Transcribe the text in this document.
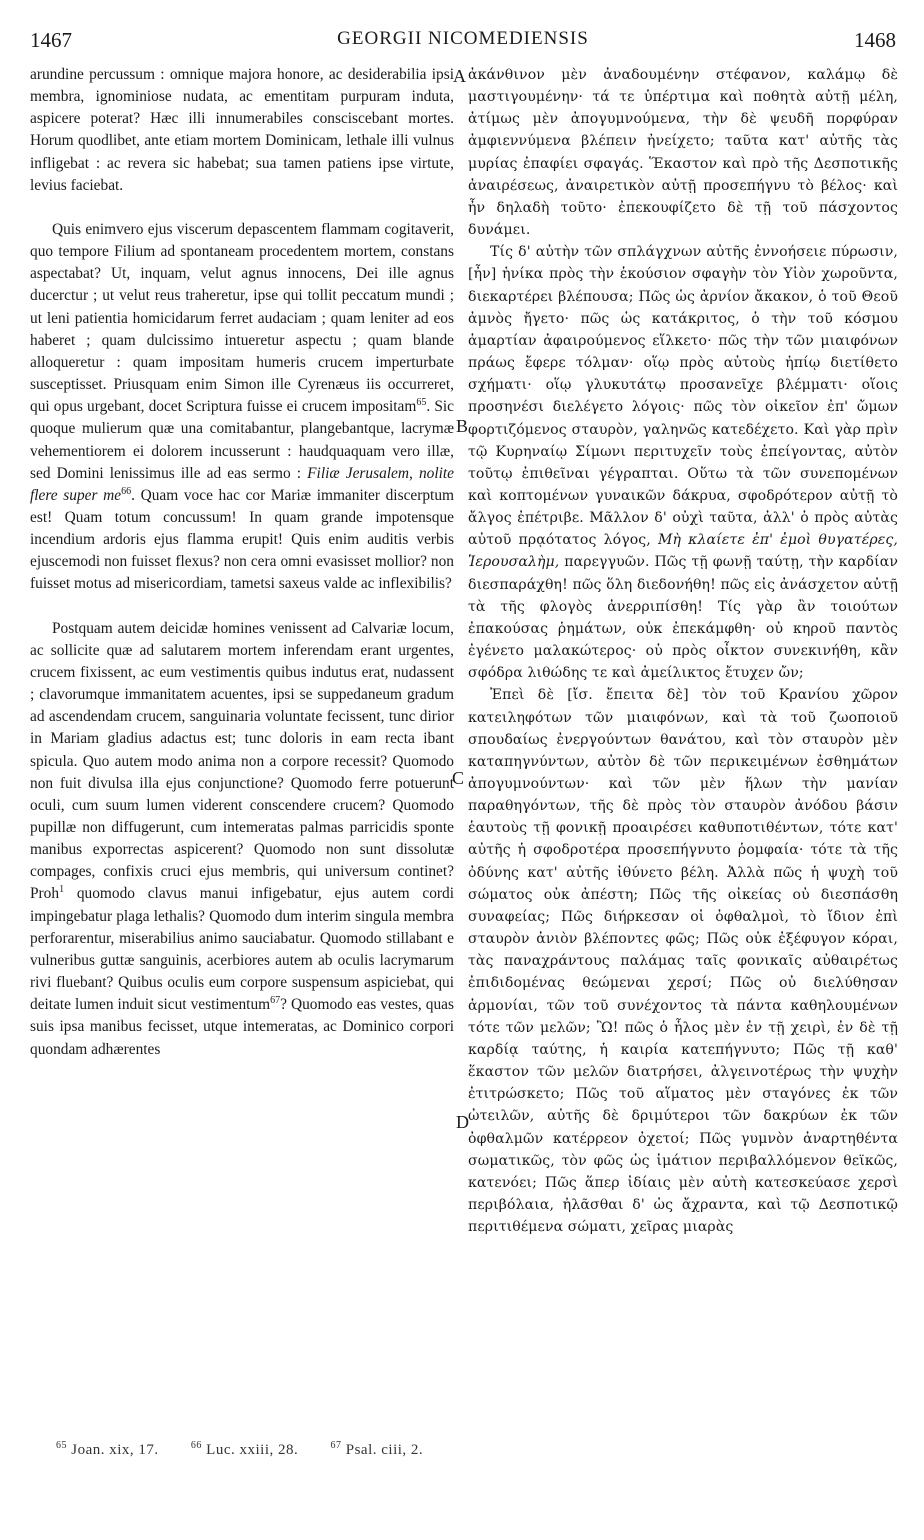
1467	GEORGII NICOMEDIENSIS	1468

arundine percussum : omnique majora honore, ac desiderabilia ipsi membra, ignominiose nudata, ac ementitam purpuram induta, aspicere poterat? Hæc illi innumerabiles consciscebant mortes. Horum quodlibet, ante etiam mortem Dominicam, lethale illi vulnus infligebat : ac revera sic habebat; sua tamen patiens ipse virtute, levius faciebat.

Quis enimvero ejus viscerum depascentem flammam cogitaverit, quo tempore Filium ad spontaneam procedentem mortem, constans aspectabat? Ut, inquam, velut agnus innocens, Dei ille agnus ducerctur ; ut velut reus traheretur, ipse qui tollit peccatum mundi ; ut leni patientia homicidarum ferret audaciam ; quam leniter ad eos haberet ; quam dulcissimo intueretur aspectu ; quam blande alloqueretur : quam impositam humeris crucem imperturbate susceptisset. Priusquam enim Simon ille Cyrenæus iis occurreret, qui opus urgebant, docet Scriptura fuisse ei crucem impositam$^{65}$. Sic quoque mulierum quæ una comitabantur, plangebantque, lacrymæ vehementiorem ei dolorem incusserunt : haudquaquam vero illæ, sed Domini lenissimus ille ad eas sermo : Filiæ Jerusalem, nolite flere super me$^{66}$. Quam voce hac cor Mariæ immaniter discerptum est! Quam totum concussum! In quam grande impotensque incendium ardoris ejus flamma erupit! Quis enim auditis verbis ejuscemodi non fuisset flexus? non cera omni evasisset mollior? non fuisset motus ad misericordiam, tametsi saxeus valde ac inflexibilis?

Postquam autem deicidæ homines venissent ad Calvariæ locum, ac sollicite quæ ad salutarem mortem inferendam erant urgentes, crucem fixissent, ac eum vestimentis quibus indutus erat, nudassent ; clavorumque immanitatem acuentes, ipsi se suppedaneum gradum ad ascendendam crucem, sanguinaria voluntate fecissent, tunc dirior in Mariam gladius adactus est; tunc doloris in eam recta ibant spicula. Quo autem modo anima non a corpore recessit? Quomodo non fuit divulsa illa ejus conjunctione? Quomodo ferre potuerunt oculi, cum suum lumen viderent conscendere crucem? Quomodo pupillæ non diffugerunt, cum intemeratas palmas parricidis sponte manibus exporrectas aspicerent? Quomodo non sunt dissolutæ compages, confixis cruci ejus membris, qui universum continet? Proh$^1$ quomodo clavus manui infigebatur, ejus autem cordi impingebatur plaga lethalis? Quomodo dum interim singula membra perforarentur, miserabilius animo sauciabatur. Quomodo stillabant e vulneribus guttæ sanguinis, acerbiores autem ab oculis lacrymarum rivi fluebant? Quibus oculis eum corpore suspensum aspiciebat, qui deitate lumen induit sicut vestimentum$^{67}$? Quomodo eas vestes, quas suis ipsa manibus fecisset, utque intemeratas, ac Dominico corpori quondam adhærentes

A
B
C
D

ἀκάνθινον μὲν ἀναδουμένην στέφανον, καλάμῳ δὲ μαστιγουμένην· τά τε ὑπέρτιμα καὶ ποθητὰ αὐτῇ μέλη, ἀτίμως μὲν ἀπογυμνούμενα, τὴν δὲ ψευδῆ πορφύραν ἀμφιεννύμενα βλέπειν ἠνείχετο; ταῦτα κατ' αὐτῆς τὰς μυρίας ἐπαφίει σφαγάς. Ἕκαστον καὶ πρὸ τῆς Δεσποτικῆς ἀναιρέσεως, ἀναιρετικὸν αὐτῇ προσεπήγνυ τὸ βέλος· καὶ ἦν δηλαδὴ τοῦτο· ἐπεκουφίζετο δὲ τῇ τοῦ πάσχοντος δυνάμει.

Τίς δ' αὐτὴν τῶν σπλάγχνων αὐτῆς ἐννοήσειε πύρωσιν, [ἦν] ἡνίκα πρὸς τὴν ἑκούσιον σφαγὴν τὸν Υἱὸν χωροῦντα, διεκαρτέρει βλέπουσα; Πῶς ὡς ἀρνίον ἄκακον, ὁ τοῦ Θεοῦ ἀμνὸς ἤγετο· πῶς ὡς κατάκριτος, ὁ τὴν τοῦ κόσμου ἁμαρτίαν ἀφαιρούμενος εἵλκετο· πῶς τὴν τῶν μιαιφόνων πράως ἔφερε τόλμαν· οἵῳ πρὸς αὐτοὺς ἠπίῳ διετίθετο σχήματι· οἵῳ γλυκυτάτῳ προσανεῖχε βλέμματι· οἵοις προσηνέσι διελέγετο λόγοις· πῶς τὸν οἰκεῖον ἐπ' ὤμων φορτιζόμενος σταυρὸν, γαληνῶς κατεδέχετο. Καὶ γὰρ πρὶν τῷ Κυρηναίῳ Σίμωνι περιτυχεῖν τοὺς ἐπείγοντας, αὐτὸν τοῦτῳ ἐπιθεῖναι γέγραπται. Οὕτω τὰ τῶν συνεπομένων καὶ κοπτομένων γυναικῶν δάκρυα, σφοδρότερον αὐτῇ τὸ ἄλγος ἐπέτριβε. Μᾶλλον δ' οὐχὶ ταῦτα, ἀλλ' ὁ πρὸς αὐτὰς αὐτοῦ πρᾳότατος λόγος, Μὴ κλαίετε ἐπ' ἐμοὶ θυγατέρες, Ἱερουσαλὴμ, παρεγγυῶν. Πῶς τῇ φωνῇ ταύτῃ, τὴν καρδίαν διεσπαράχθη! πῶς ὅλη διεδονήθη! πῶς εἰς ἀνάσχετον αὐτῇ τὰ τῆς φλογὸς ἀνερριπίσθη! Τίς γὰρ ἂν τοιούτων ἐπακούσας ῥημάτων, οὐκ ἐπεκάμφθη· οὐ κηροῦ παντὸς ἐγένετο μαλακώτερος· οὐ πρὸς οἶκτον συνεκινήθη, κἂν σφόδρα λιθώδης τε καὶ ἀμείλικτος ἔτυχεν ὤν;

Ἐπεὶ δὲ [ἴσ. ἔπειτα δὲ] τὸν τοῦ Κρανίου χῶρον κατειληφότων τῶν μιαιφόνων, καὶ τὰ τοῦ ζωοποιοῦ σπουδαίως ἐνεργούντων θανάτου, καὶ τὸν σταυρὸν μὲν καταπηγνύντων, αὐτὸν δὲ τῶν περικειμένων ἐσθημάτων ἀπογυμνούντων· καὶ τῶν μὲν ἥλων τὴν μανίαν παραθηγόντων, τῆς δὲ πρὸς τὸν σταυρὸν ἀνόδου βάσιν ἑαυτοὺς τῇ φονικῇ προαιρέσει καθυποτιθέντων, τότε κατ' αὐτῆς ἡ σφοδροτέρα προσεπήγνυτο ῥομφαία· τότε τὰ τῆς ὀδύνης κατ' αὐτῆς ἰθύνετο βέλη. Ἀλλὰ πῶς ἡ ψυχὴ τοῦ σώματος οὐκ ἀπέστη; Πῶς τῆς οἰκείας οὐ διεσπάσθη συναφείας; Πῶς διήρκεσαν οἱ ὀφθαλμοὶ, τὸ ἴδιον ἐπὶ σταυρὸν ἀνιὸν βλέποντες φῶς; Πῶς οὐκ ἐξέφυγον κόραι, τὰς παναχράντους παλάμας ταῖς φονικαῖς αὐθαιρέτως ἐπιδιδομένας θεώμεναι χερσί; Πῶς οὐ διελύθησαν ἁρμονίαι, τῶν τοῦ συνέχοντος τὰ πάντα καθηλουμένων τότε τῶν μελῶν; Ὢ! πῶς ὁ ἧλος μὲν ἐν τῇ χειρὶ, ἐν δὲ τῇ καρδίᾳ ταύτης, ἡ καιρία κατεπήγνυτο; Πῶς τῇ καθ' ἕκαστον τῶν μελῶν διατρήσει, ἀλγεινοτέρως τὴν ψυχὴν ἐτιτρώσκετο; Πῶς τοῦ αἵματος μὲν σταγόνες ἐκ τῶν ὠτειλῶν, αὐτῆς δὲ δριμύτεροι τῶν δακρύων ἐκ τῶν ὀφθαλμῶν κατέρρεον ὀχετοί; Πῶς γυμνὸν ἀναρτηθέντα σωματικῶς, τὸν φῶς ὡς ἱμάτιον περιβαλλόμενον θεϊκῶς, κατενόει; Πῶς ἅπερ ἰδίαις μὲν αὐτὴ κατεσκεύασε χερσὶ περιβόλαια, ἠλᾶσθαι δ' ὡς ἄχραντα, καὶ τῷ Δεσποτικῷ περιτιθέμενα σώματι, χεῖρας μιαρὰς

$^{65}$ Joan. xix, 17.	$^{66}$ Luc. xxiii, 28.	$^{67}$ Psal. ciii, 2.
